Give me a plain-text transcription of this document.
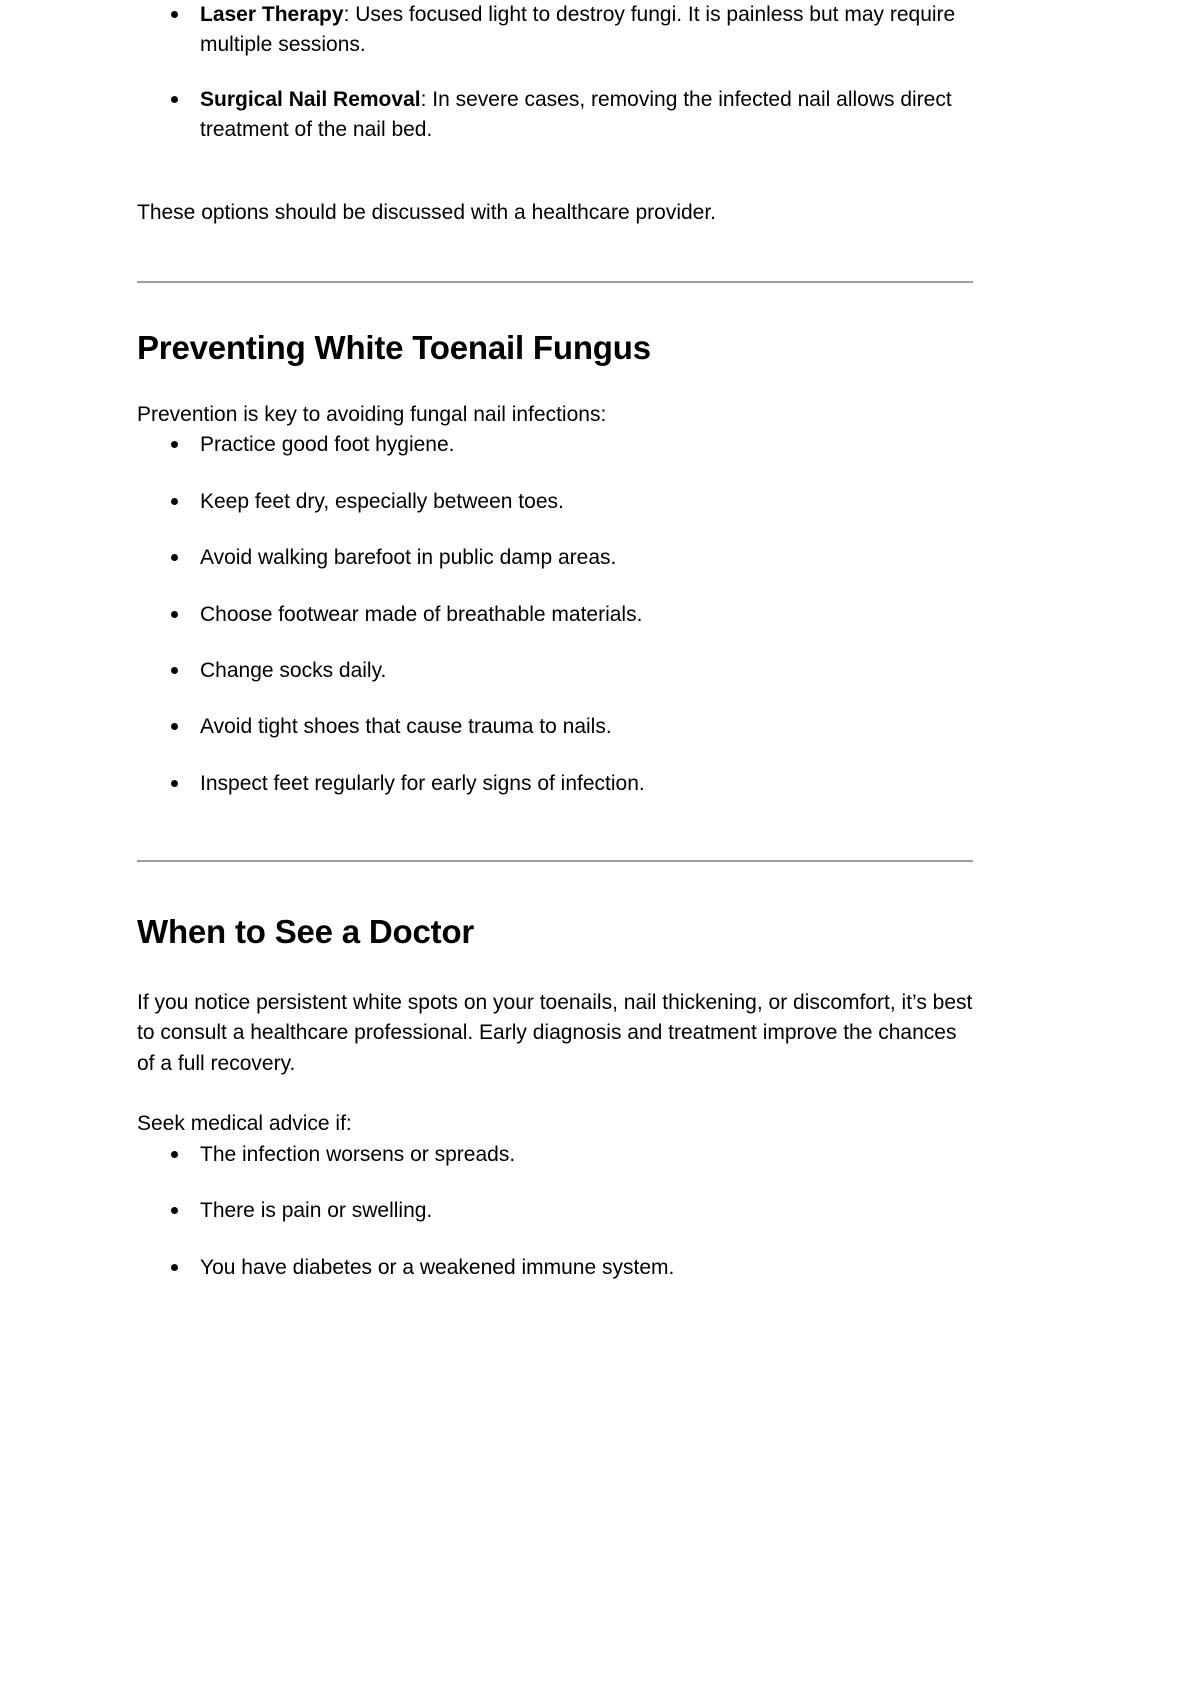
Laser Therapy: Uses focused light to destroy fungi. It is painless but may require multiple sessions.
Surgical Nail Removal: In severe cases, removing the infected nail allows direct treatment of the nail bed.

These options should be discussed with a healthcare provider.

Preventing White Toenail Fungus

Prevention is key to avoiding fungal nail infections:

Practice good foot hygiene.
Keep feet dry, especially between toes.
Avoid walking barefoot in public damp areas.
Choose footwear made of breathable materials.
Change socks daily.
Avoid tight shoes that cause trauma to nails.
Inspect feet regularly for early signs of infection.
When to See a Doctor

If you notice persistent white spots on your toenails, nail thickening, or discomfort, it’s best to consult a healthcare professional. Early diagnosis and treatment improve the chances of a full recovery.

Seek medical advice if:

The infection worsens or spreads.
There is pain or swelling.
You have diabetes or a weakened immune system.
